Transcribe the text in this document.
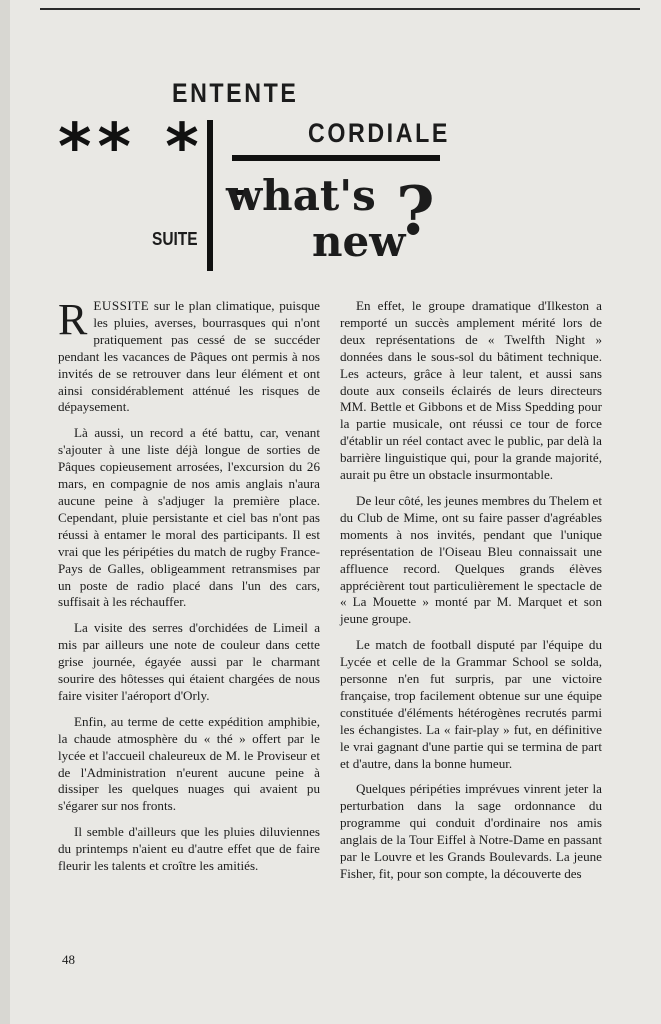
** *
ENTENTE
CORDIALE
SUITE
what's
new
?

REUSSITE sur le plan climatique, puisque les pluies, averses, bourrasques qui n'ont pratiquement pas cessé de se succéder pendant les vacances de Pâques ont permis à nos invités de se retrouver dans leur élément et ont ainsi considérablement atténué les risques de dépaysement.

Là aussi, un record a été battu, car, venant s'ajouter à une liste déjà longue de sorties de Pâques copieusement arrosées, l'excursion du 26 mars, en compagnie de nos amis anglais n'aura aucune peine à s'adjuger la première place. Cependant, pluie persistante et ciel bas n'ont pas réussi à entamer le moral des participants. Il est vrai que les péripéties du match de rugby France-Pays de Galles, obligeamment retransmises par un poste de radio placé dans l'un des cars, suffisait à les réchauffer.

La visite des serres d'orchidées de Limeil a mis par ailleurs une note de couleur dans cette grise journée, égayée aussi par le charmant sourire des hôtesses qui étaient chargées de nous faire visiter l'aéroport d'Orly.

Enfin, au terme de cette expédition amphibie, la chaude atmosphère du « thé » offert par le lycée et l'accueil chaleureux de M. le Proviseur et de l'Administration n'eurent aucune peine à dissiper les quelques nuages qui avaient pu s'égarer sur nos fronts.

Il semble d'ailleurs que les pluies diluviennes du printemps n'aient eu d'autre effet que de faire fleurir les talents et croître les amitiés.

En effet, le groupe dramatique d'Ilkeston a remporté un succès amplement mérité lors de deux représentations de « Twelfth Night » données dans le sous-sol du bâtiment technique. Les acteurs, grâce à leur talent, et aussi sans doute aux conseils éclairés de leurs directeurs MM. Bettle et Gibbons et de Miss Spedding pour la partie musicale, ont réussi ce tour de force d'établir un réel contact avec le public, par delà la barrière linguistique qui, pour la grande majorité, aurait pu être un obstacle insurmontable.

De leur côté, les jeunes membres du Thelem et du Club de Mime, ont su faire passer d'agréables moments à nos invités, pendant que l'unique représentation de l'Oiseau Bleu connaissait une affluence record. Quelques grands élèves apprécièrent tout particulièrement le spectacle de « La Mouette » monté par M. Marquet et son jeune groupe.

Le match de football disputé par l'équipe du Lycée et celle de la Grammar School se solda, personne n'en fut surpris, par une victoire française, trop facilement obtenue sur une équipe constituée d'éléments hétérogènes recrutés parmi les échangistes. La « fair-play » fut, en définitive le vrai gagnant d'une partie qui se termina de part et d'autre, dans la bonne humeur.

Quelques péripéties imprévues vinrent jeter la perturbation dans la sage ordonnance du programme qui conduit d'ordinaire nos amis anglais de la Tour Eiffel à Notre-Dame en passant par le Louvre et les Grands Boulevards. La jeune Fisher, fit, pour son compte, la découverte des

48
